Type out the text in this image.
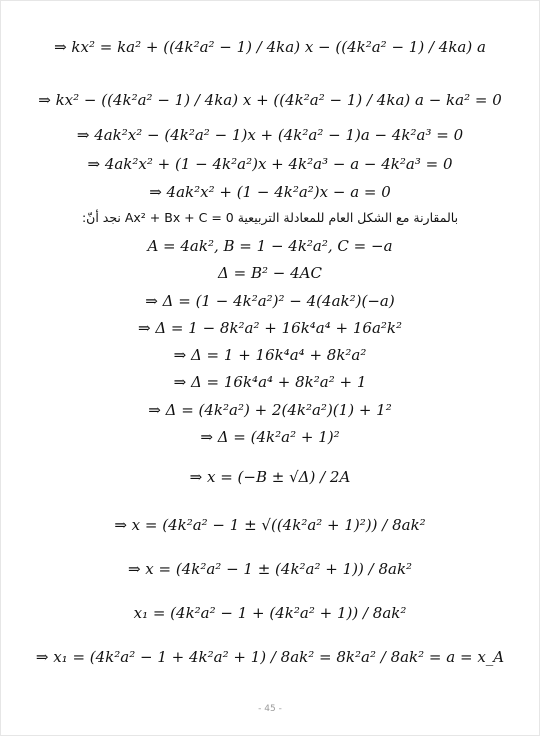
⇒ kx² = ka² + ((4k²a² − 1) / 4ka) x − ((4k²a² − 1) / 4ka) a
⇒ kx² − ((4k²a² − 1) / 4ka) x + ((4k²a² − 1) / 4ka) a − ka² = 0
⇒ 4ak²x² − (4k²a² − 1)x + (4k²a² − 1)a − 4k²a³ = 0
⇒ 4ak²x² + (1 − 4k²a²)x + 4k²a³ − a − 4k²a³ = 0
⇒ 4ak²x² + (1 − 4k²a²)x − a = 0
بالمقارنة مع الشكل العام للمعادلة التربيعية Ax² + Bx + C = 0 نجد أنّ:
A = 4ak², B = 1 − 4k²a², C = −a
Δ = B² − 4AC
⇒ Δ = (1 − 4k²a²)² − 4(4ak²)(−a)
⇒ Δ = 1 − 8k²a² + 16k⁴a⁴ + 16a²k²
⇒ Δ = 1 + 16k⁴a⁴ + 8k²a²
⇒ Δ = 16k⁴a⁴ + 8k²a² + 1
⇒ Δ = (4k²a²) + 2(4k²a²)(1) + 1²
⇒ Δ = (4k²a² + 1)²
⇒ x = (−B ± √Δ) / 2A
⇒ x = (4k²a² − 1 ± √((4k²a² + 1)²)) / 8ak²
⇒ x = (4k²a² − 1 ± (4k²a² + 1)) / 8ak²
x₁ = (4k²a² − 1 + (4k²a² + 1)) / 8ak²
⇒ x₁ = (4k²a² − 1 + 4k²a² + 1) / 8ak² = 8k²a² / 8ak² = a = x_A
- 45 -
